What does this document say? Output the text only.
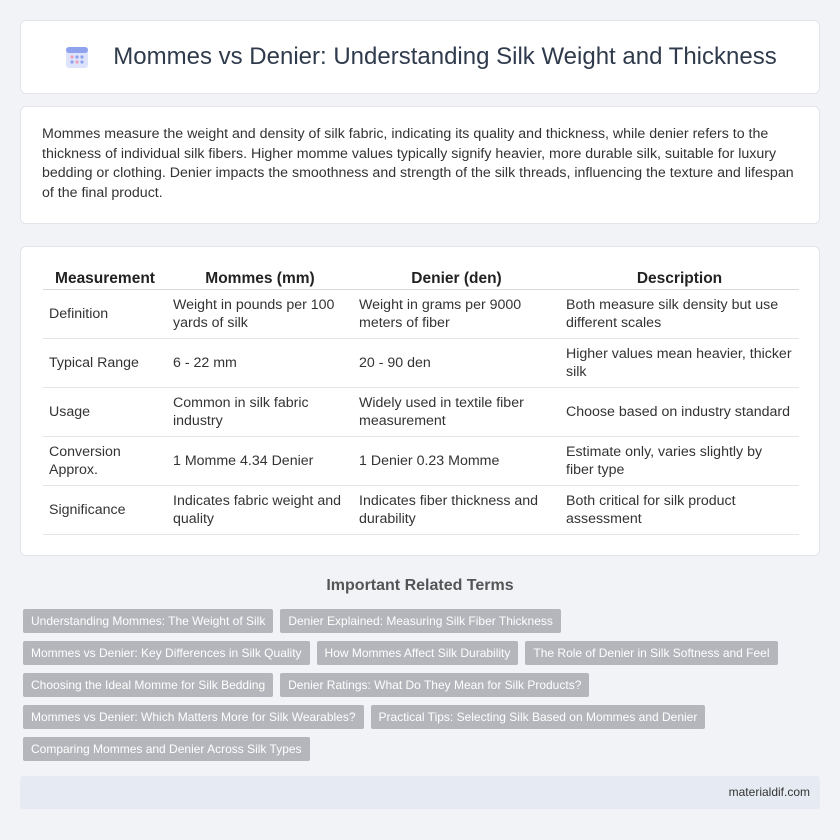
Mommes vs Denier: Understanding Silk Weight and Thickness

Mommes measure the weight and density of silk fabric, indicating its quality and thickness, while denier refers to the thickness of individual silk fibers. Higher momme values typically signify heavier, more durable silk, suitable for luxury bedding or clothing. Denier impacts the smoothness and strength of the silk threads, influencing the texture and lifespan of the final product.

Measurement	Mommes (mm)	Denier (den)	Description
Definition	Weight in pounds per 100 yards of silk	Weight in grams per 9000 meters of fiber	Both measure silk density but use different scales
Typical Range	6 - 22 mm	20 - 90 den	Higher values mean heavier, thicker silk
Usage	Common in silk fabric industry	Widely used in textile fiber measurement	Choose based on industry standard
Conversion Approx.	1 Momme 4.34 Denier	1 Denier 0.23 Momme	Estimate only, varies slightly by fiber type
Significance	Indicates fabric weight and quality	Indicates fiber thickness and durability	Both critical for silk product assessment
Important Related Terms
Understanding Mommes: The Weight of Silk	Denier Explained: Measuring Silk Fiber Thickness
Mommes vs Denier: Key Differences in Silk Quality	How Mommes Affect Silk Durability	The Role of Denier in Silk Softness and Feel
Choosing the Ideal Momme for Silk Bedding	Denier Ratings: What Do They Mean for Silk Products?
Mommes vs Denier: Which Matters More for Silk Wearables?	Practical Tips: Selecting Silk Based on Mommes and Denier
Comparing Mommes and Denier Across Silk Types
materialdif.com
